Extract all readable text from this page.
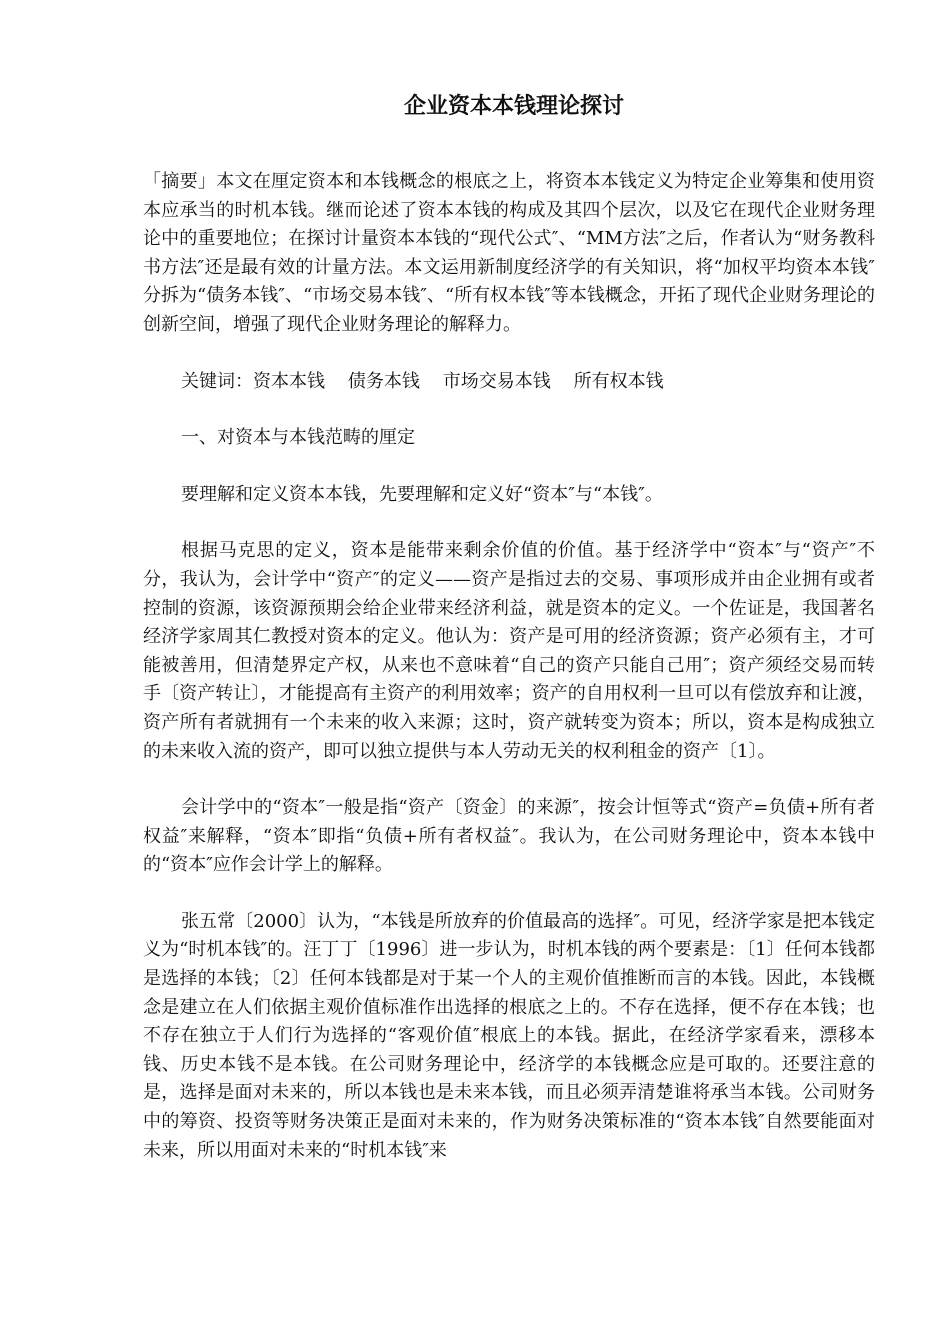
企业资本本钱理论探讨
「摘要」本文在厘定资本和本钱概念的根底之上，将资本本钱定义为特定企业筹集和使用资本应承当的时机本钱。继而论述了资本本钱的构成及其四个层次，以及它在现代企业财务理论中的重要地位；在探讨计量资本本钱的“现代公式″、“MM方法″之后，作者认为“财务教科书方法″还是最有效的计量方法。本文运用新制度经济学的有关知识，将“加权平均资本本钱″分拆为“债务本钱″、“市场交易本钱″、“所有权本钱″等本钱概念，开拓了现代企业财务理论的创新空间，增强了现代企业财务理论的解释力。
关键词：资本本钱    债务本钱    市场交易本钱    所有权本钱
一、对资本与本钱范畴的厘定
要理解和定义资本本钱，先要理解和定义好“资本″与“本钱″。
根据马克思的定义，资本是能带来剩余价值的价值。基于经济学中“资本″与“资产″不分，我认为，会计学中“资产″的定义——资产是指过去的交易、事项形成并由企业拥有或者控制的资源，该资源预期会给企业带来经济利益，就是资本的定义。一个佐证是，我国著名经济学家周其仁教授对资本的定义。他认为：资产是可用的经济资源；资产必须有主，才可能被善用，但清楚界定产权，从来也不意味着“自己的资产只能自己用″；资产须经交易而转手〔资产转让〕，才能提高有主资产的利用效率；资产的自用权利一旦可以有偿放弃和让渡，资产所有者就拥有一个未来的收入来源；这时，资产就转变为资本；所以，资本是构成独立的未来收入流的资产，即可以独立提供与本人劳动无关的权利租金的资产〔1〕。
会计学中的“资本″一般是指“资产〔资金〕的来源″，按会计恒等式“资产=负债+所有者权益″来解释，“资本″即指“负债+所有者权益″。我认为，在公司财务理论中，资本本钱中的“资本″应作会计学上的解释。
张五常〔2000〕认为，“本钱是所放弃的价值最高的选择″。可见，经济学家是把本钱定义为“时机本钱″的。汪丁丁〔1996〕进一步认为，时机本钱的两个要素是：〔1〕任何本钱都是选择的本钱；〔2〕任何本钱都是对于某一个人的主观价值推断而言的本钱。因此，本钱概念是建立在人们依据主观价值标准作出选择的根底之上的。不存在选择，便不存在本钱；也不存在独立于人们行为选择的“客观价值″根底上的本钱。据此，在经济学家看来，漂移本钱、历史本钱不是本钱。在公司财务理论中，经济学的本钱概念应是可取的。还要注意的是，选择是面对未来的，所以本钱也是未来本钱，而且必须弄清楚谁将承当本钱。公司财务中的筹资、投资等财务决策正是面对未来的，作为财务决策标准的“资本本钱″自然要能面对未来，所以用面对未来的“时机本钱″来
